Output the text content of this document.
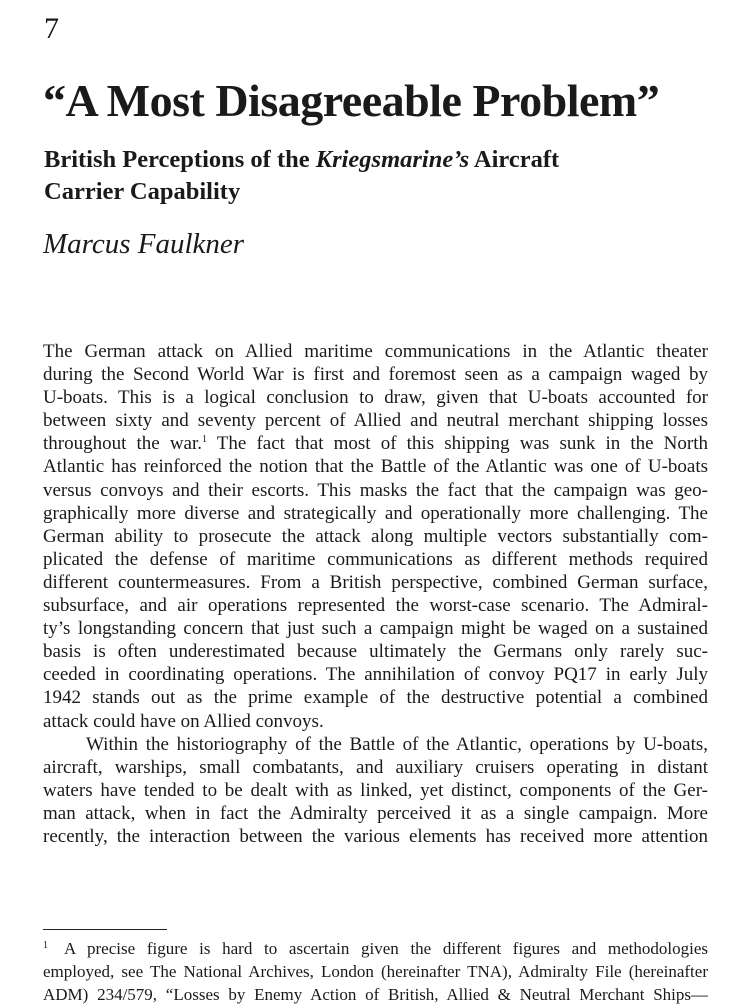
7
“A Most Disagreeable Problem”
British Perceptions of the Kriegsmarine’s Aircraft
Carrier Capability
Marcus Faulkner
The German attack on Allied maritime communications in the Atlantic theater
during the Second World War is first and foremost seen as a campaign waged by
U-boats. This is a logical conclusion to draw, given that U-boats accounted for
between sixty and seventy percent of Allied and neutral merchant shipping losses
throughout the war.$^1$ The fact that most of this shipping was sunk in the North
Atlantic has reinforced the notion that the Battle of the Atlantic was one of U-boats
versus convoys and their escorts. This masks the fact that the campaign was geo-
graphically more diverse and strategically and operationally more challenging. The
German ability to prosecute the attack along multiple vectors substantially com-
plicated the defense of maritime communications as different methods required
different countermeasures. From a British perspective, combined German surface,
subsurface, and air operations represented the worst-case scenario. The Admiral-
ty’s longstanding concern that just such a campaign might be waged on a sustained
basis is often underestimated because ultimately the Germans only rarely suc-
ceeded in coordinating operations. The annihilation of convoy PQ17 in early July
1942 stands out as the prime example of the destructive potential a combined
attack could have on Allied convoys.
Within the historiography of the Battle of the Atlantic, operations by U-boats,
aircraft, warships, small combatants, and auxiliary cruisers operating in distant
waters have tended to be dealt with as linked, yet distinct, components of the Ger-
man attack, when in fact the Admiralty perceived it as a single campaign. More
recently, the interaction between the various elements has received more attention
$^1$ A precise figure is hard to ascertain given the different figures and methodologies
employed, see The National Archives, London (hereinafter TNA), Admiralty File (hereinafter
ADM) 234/579, “Losses by Enemy Action of British, Allied & Neutral Merchant Ships—
